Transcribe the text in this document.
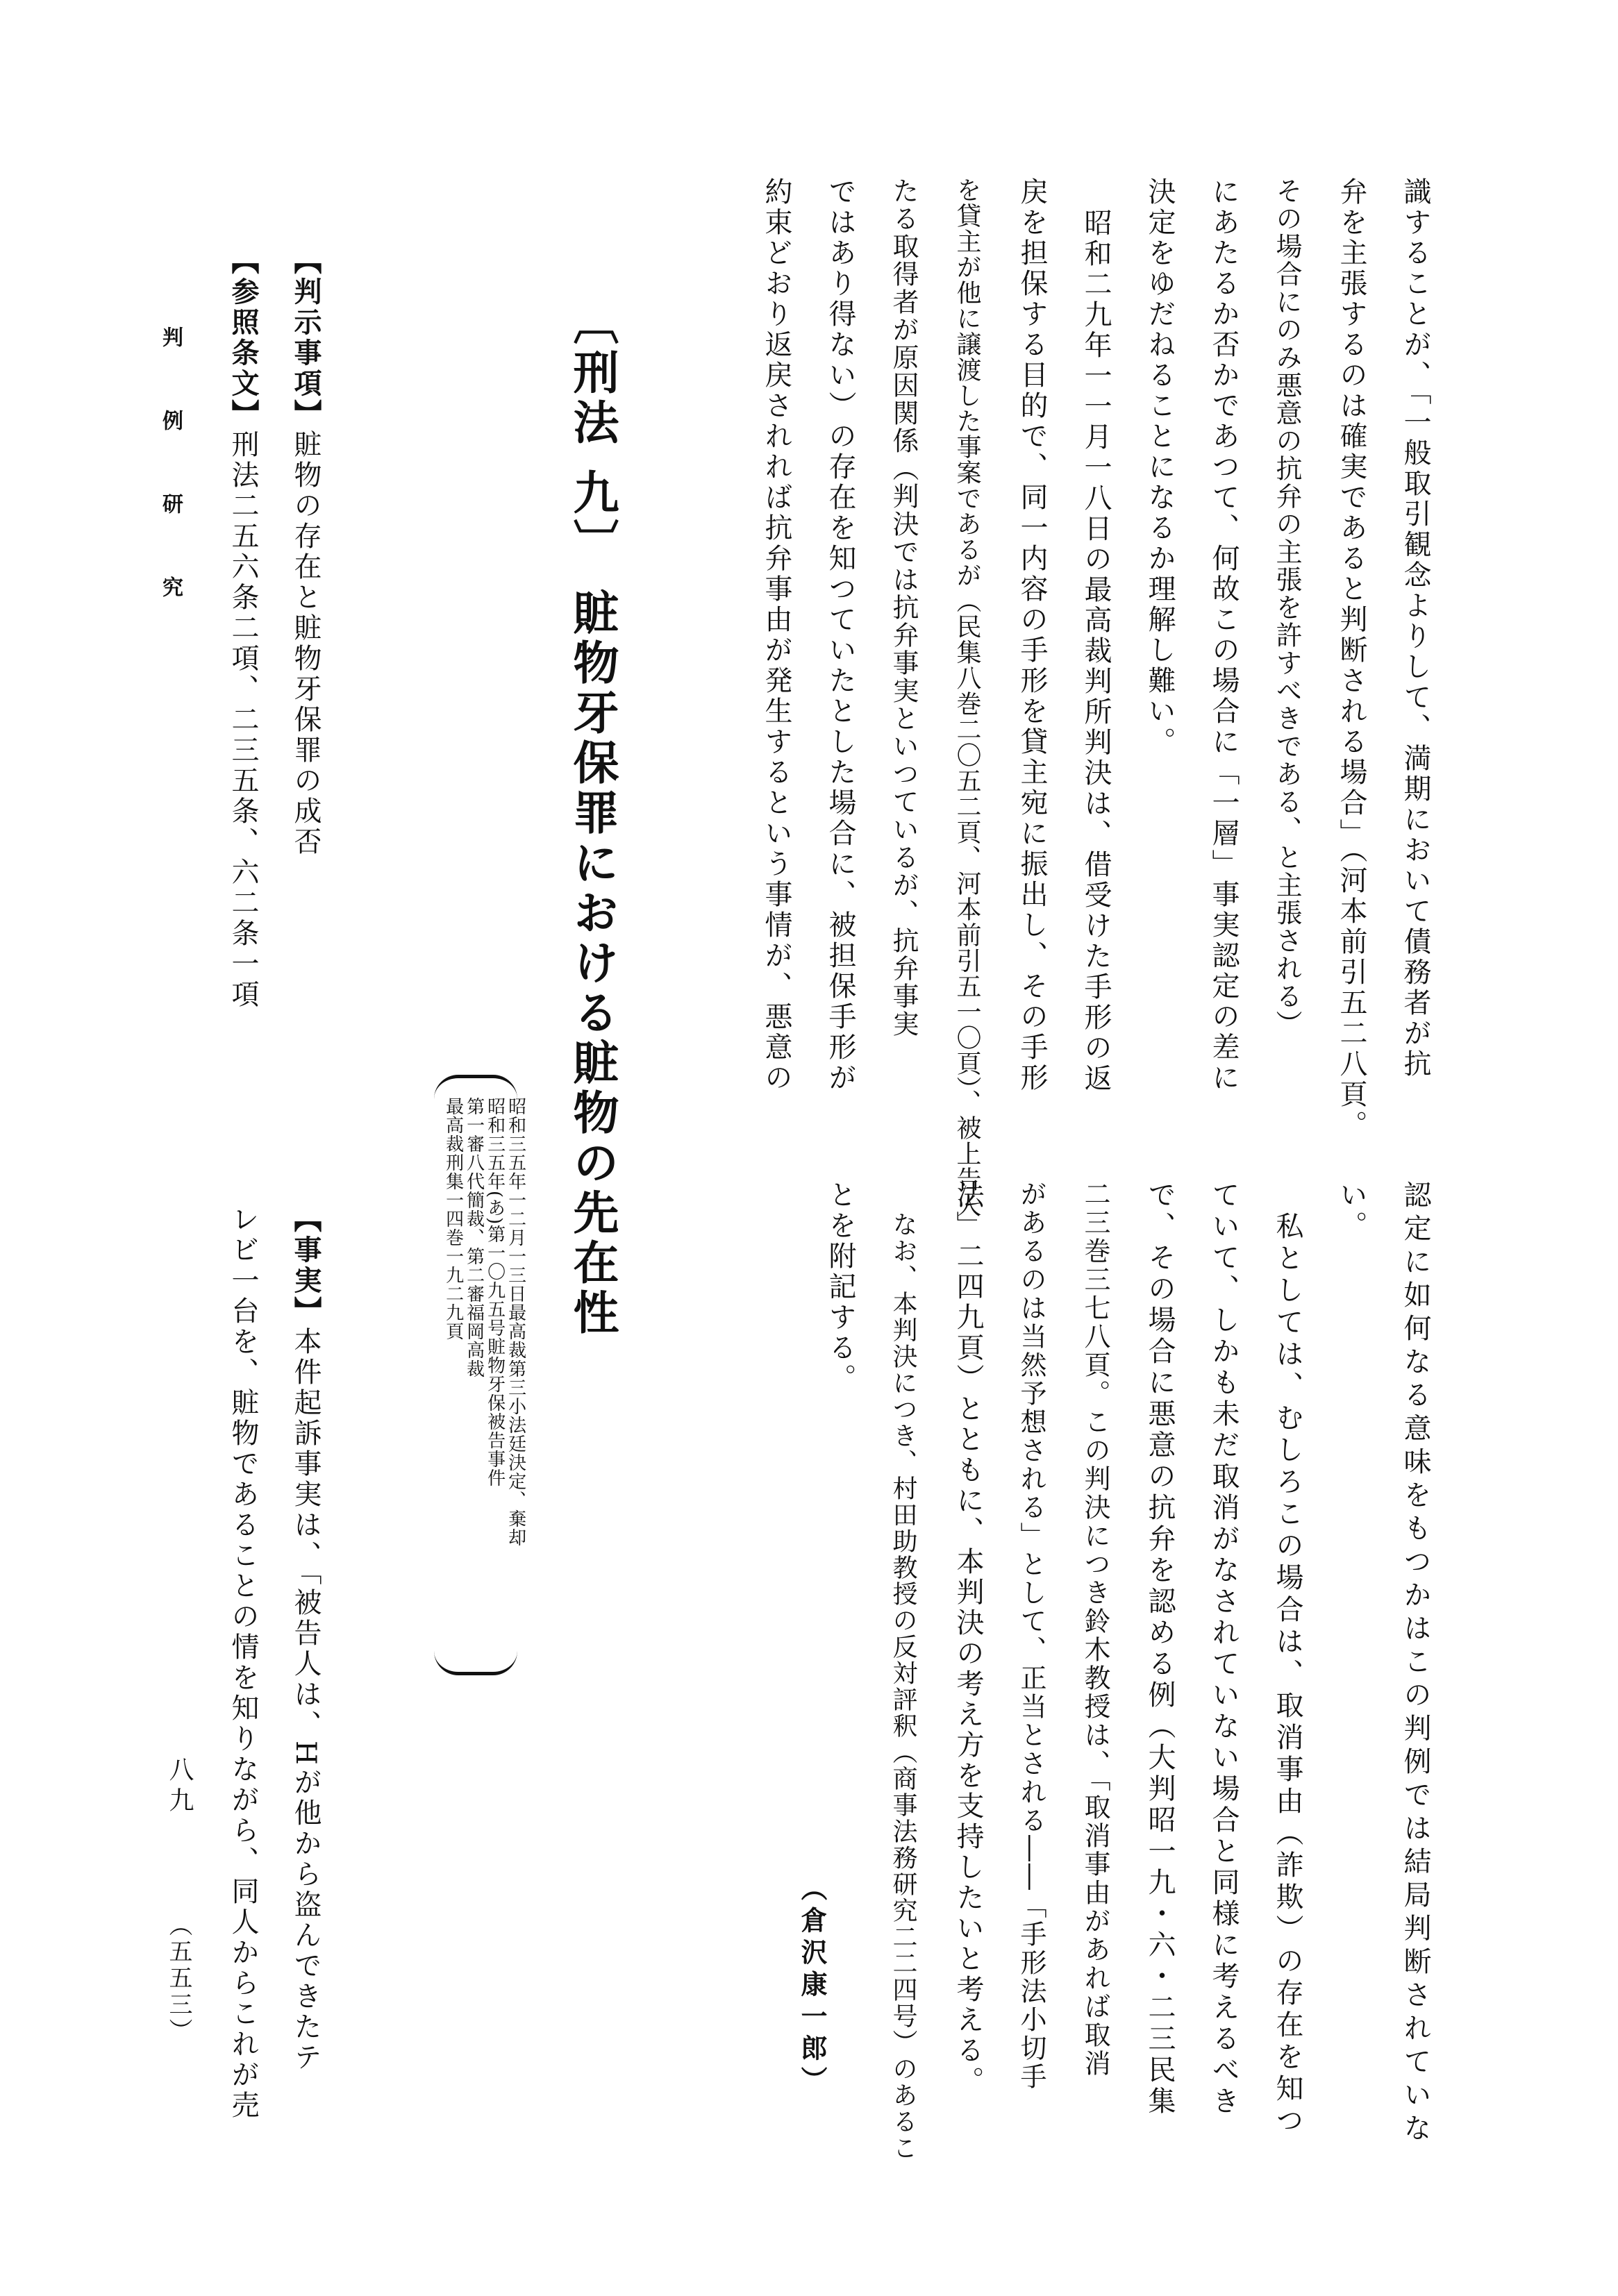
識することが、「一般取引観念よりして、満期において債務者が抗
弁を主張するのは確実であると判断される場合」（河本前引五二八頁。
その場合にのみ悪意の抗弁の主張を許すべきである、と主張される）
にあたるか否かであつて、何故この場合に「一層」事実認定の差に
決定をゆだねることになるか理解し難い。
昭和二九年一一月一八日の最高裁判所判決は、借受けた手形の返
戻を担保する目的で、同一内容の手形を貸主宛に振出し、その手形
を貸主が他に譲渡した事案であるが（民集八巻二〇五二頁、河本前引五一〇頁）、被上告人
たる取得者が原因関係（判決では抗弁事実といつているが、抗弁事実
ではあり得ない）の存在を知つていたとした場合に、被担保手形が
約束どおり返戻されれば抗弁事由が発生するという事情が、悪意の
認定に如何なる意味をもつかはこの判例では結局判断されていな
い。
私としては、むしろこの場合は、取消事由（詐欺）の存在を知つ
ていて、しかも未だ取消がなされていない場合と同様に考えるべき
で、その場合に悪意の抗弁を認める例（大判昭一九・六・二三民集
二三巻三七八頁。この判決につき鈴木教授は、「取消事由があれば取消
があるのは当然予想される」として、正当とされる――「手形法小切手
法」二四九頁）とともに、本判決の考え方を支持したいと考える。
なお、本判決につき、村田助教授の反対評釈（商事法務研究二二四号）のあるこ
とを附記する。
（倉沢康一郎）
〔刑法 九〕 賍物牙保罪における賍物の先在性
昭和三五年一二月一三日最高裁第三小法廷決定、棄却
昭和三五年(あ)第一〇九五号賍物牙保被告事件
第一審八代簡裁、第二審福岡高裁
最高裁刑集一四巻一九二九頁
【判示事項】賍物の存在と賍物牙保罪の成否
【参照条文】刑法二五六条二項、二三五条、六二条一項
【事実】本件起訴事実は、「被告人は、Hが他から盗んできたテ
レビ一台を、賍物であることの情を知りながら、同人からこれが売
判　例　研　究
八九
（五五三）
